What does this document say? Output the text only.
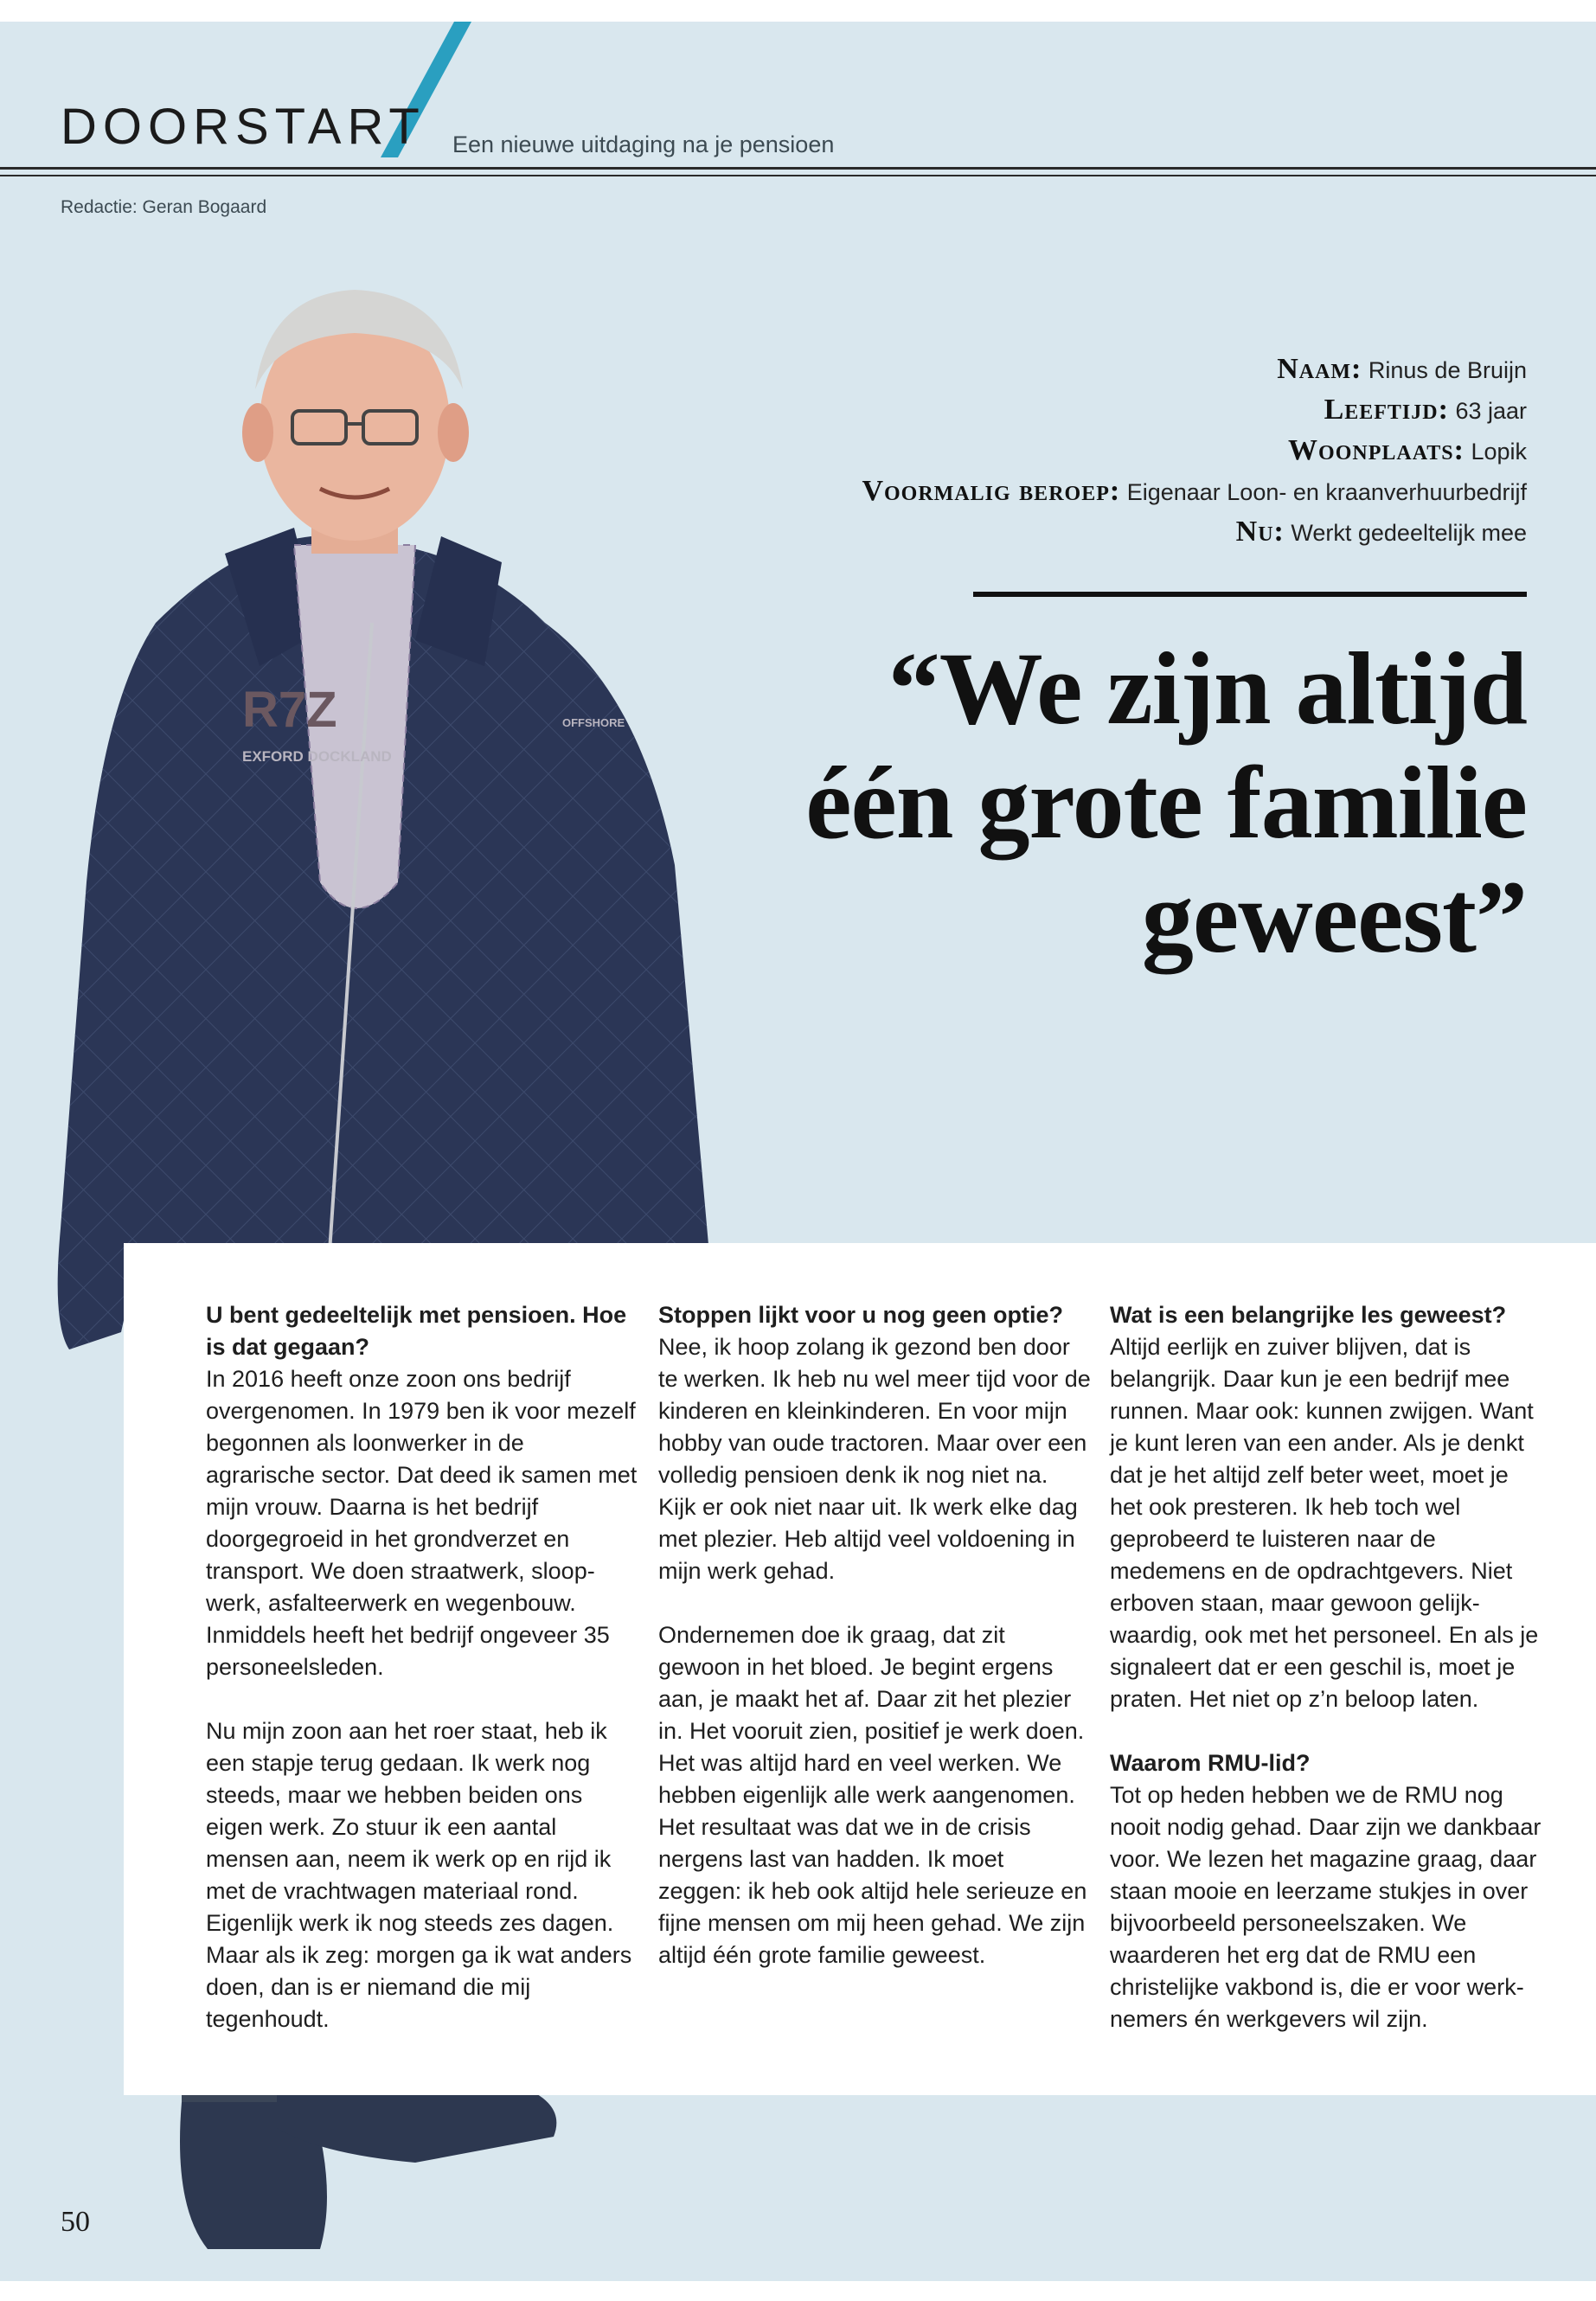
DOORSTART Een nieuwe uitdaging na je pensioen
Redactie: Geran Bogaard
R7Z
EXFORD DOCKLAND
OFFSHORE
Naam: Rinus de Bruijn
Leeftijd: 63 jaar
Woonplaats: Lopik
Voormalig beroep: Eigenaar Loon- en kraanverhuurbedrijf
Nu: Werkt gedeeltelijk mee
“We zijn altijd
één grote familie
geweest”

U bent gedeeltelijk met pensioen. Hoe is dat gegaan?
In 2016 heeft onze zoon ons bedrijf overgenomen. In 1979 ben ik voor mezelf begonnen als loonwerker in de agrarische sector. Dat deed ik samen met mijn vrouw. Daarna is het bedrijf doorgegroeid in het grondverzet en transport. We doen straatwerk, sloopwerk, asfalteerwerk en wegenbouw. Inmiddels heeft het bedrijf ongeveer 35 personeelsleden.

Nu mijn zoon aan het roer staat, heb ik een stapje terug gedaan. Ik werk nog steeds, maar we hebben beiden ons eigen werk. Zo stuur ik een aantal mensen aan, neem ik werk op en rijd ik met de vrachtwagen materiaal rond. Eigenlijk werk ik nog steeds zes dagen. Maar als ik zeg: morgen ga ik wat anders doen, dan is er niemand die mij tegenhoudt.

Stoppen lijkt voor u nog geen optie?
Nee, ik hoop zolang ik gezond ben door te werken. Ik heb nu wel meer tijd voor de kinderen en kleinkinderen. En voor mijn hobby van oude tractoren. Maar over een volledig pensioen denk ik nog niet na. Kijk er ook niet naar uit. Ik werk elke dag met plezier. Heb altijd veel voldoening in mijn werk gehad.

Ondernemen doe ik graag, dat zit gewoon in het bloed. Je begint ergens aan, je maakt het af. Daar zit het plezier in. Het vooruit zien, positief je werk doen. Het was altijd hard en veel werken. We hebben eigenlijk alle werk aangenomen. Het resultaat was dat we in de crisis nergens last van hadden. Ik moet zeggen: ik heb ook altijd hele serieuze en fijne mensen om mij heen gehad. We zijn altijd één grote familie geweest.

Wat is een belangrijke les geweest?
Altijd eerlijk en zuiver blijven, dat is belangrijk. Daar kun je een bedrijf mee runnen. Maar ook: kunnen zwijgen. Want je kunt leren van een ander. Als je denkt dat je het altijd zelf beter weet, moet je het ook presteren. Ik heb toch wel geprobeerd te luisteren naar de medemens en de opdrachtgevers. Niet erboven staan, maar gewoon gelijkwaardig, ook met het personeel. En als je signaleert dat er een geschil is, moet je praten. Het niet op z’n beloop laten.

Waarom RMU-lid?
Tot op heden hebben we de RMU nog nooit nodig gehad. Daar zijn we dankbaar voor. We lezen het magazine graag, daar staan mooie en leerzame stukjes in over bijvoorbeeld personeelszaken. We waarderen het erg dat de RMU een christelijke vakbond is, die er voor werknemers én werkgevers wil zijn.

50
